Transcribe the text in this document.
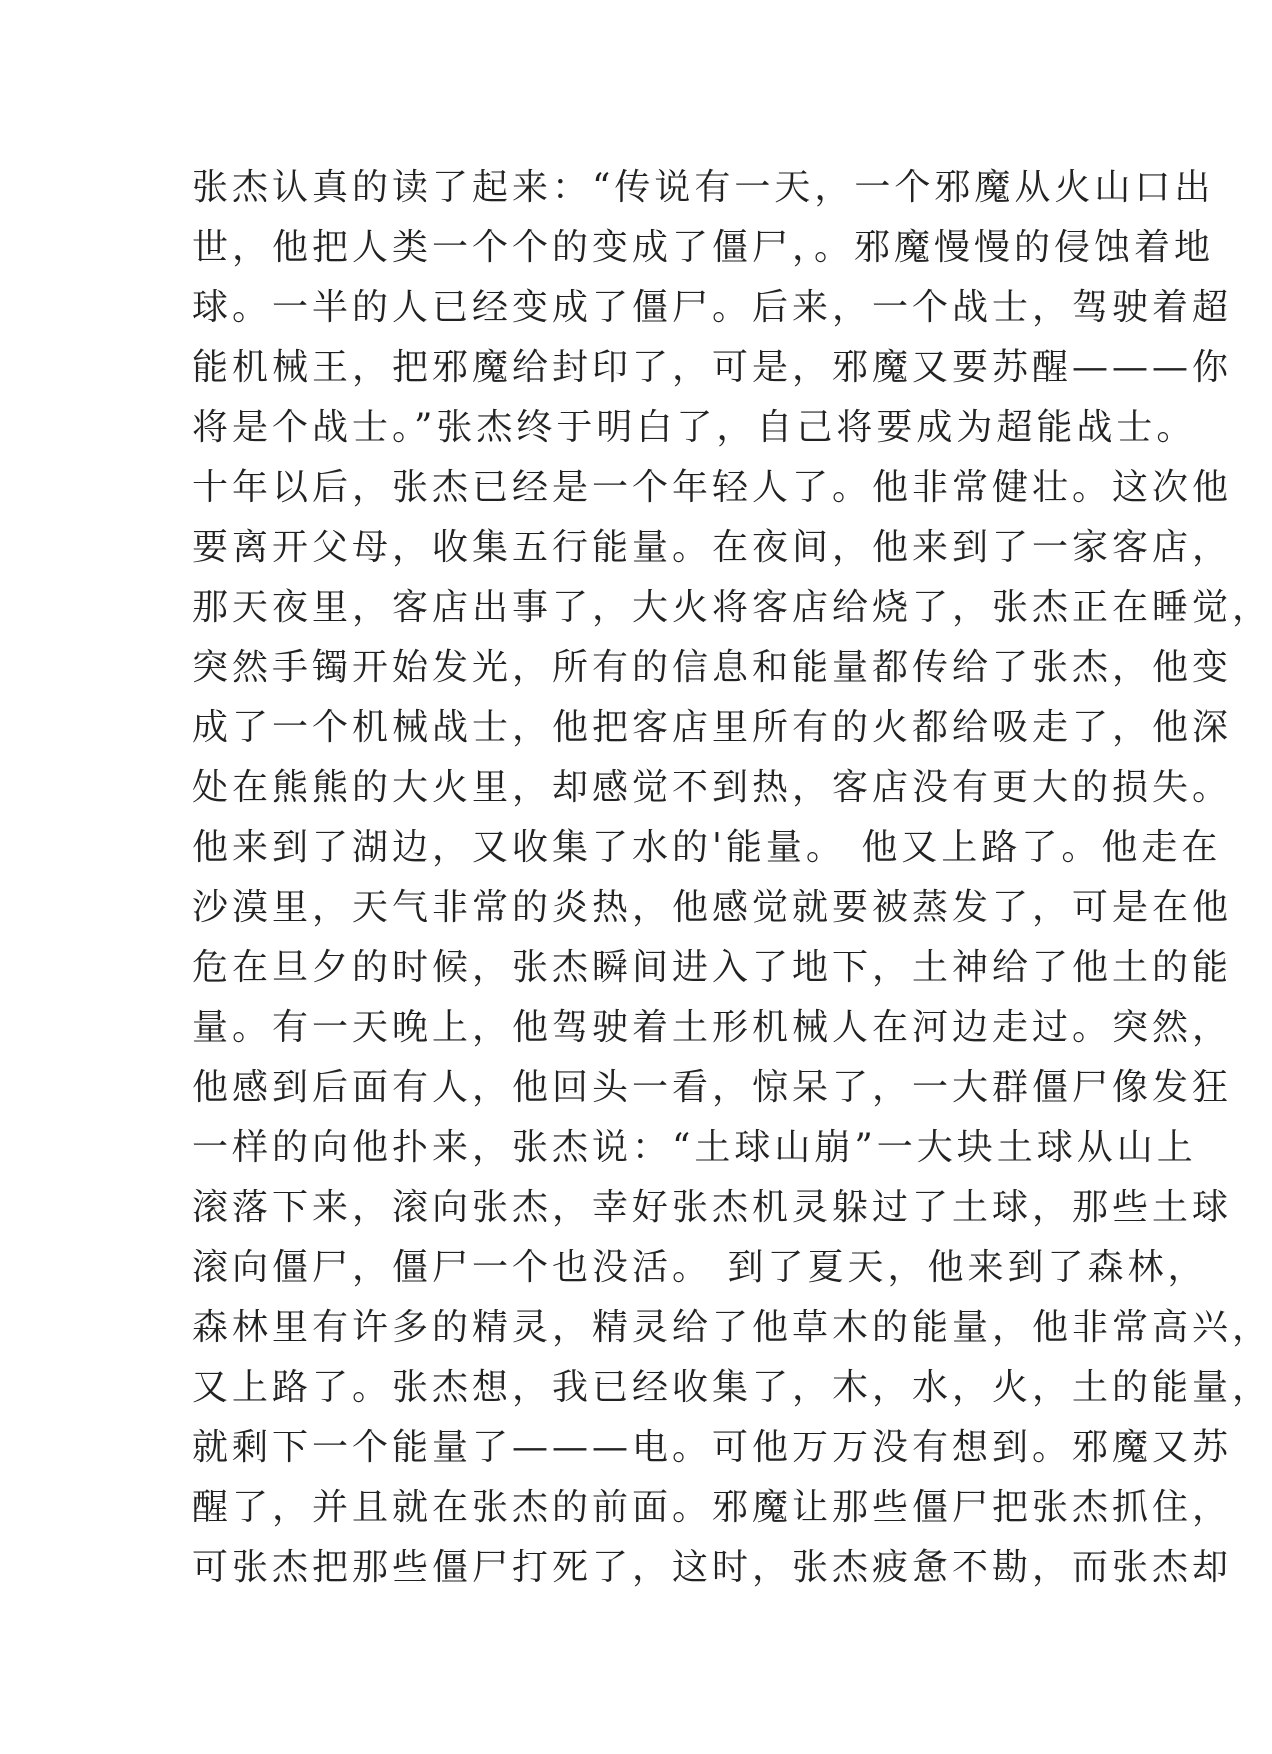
张杰认真的读了起来：“传说有一天，一个邪魔从火山口出
世，他把人类一个个的变成了僵尸，。邪魔慢慢的侵蚀着地
球。一半的人已经变成了僵尸。后来，一个战士，驾驶着超
能机械王，把邪魔给封印了，可是，邪魔又要苏醒———你
将是个战士。”张杰终于明白了，自己将要成为超能战士。
十年以后，张杰已经是一个年轻人了。他非常健壮。这次他
要离开父母，收集五行能量。在夜间，他来到了一家客店，
那天夜里，客店出事了，大火将客店给烧了，张杰正在睡觉，
突然手镯开始发光，所有的信息和能量都传给了张杰，他变
成了一个机械战士，他把客店里所有的火都给吸走了，他深
处在熊熊的大火里，却感觉不到热，客店没有更大的损失。
他来到了湖边，又收集了水的'能量。 他又上路了。他走在
沙漠里，天气非常的炎热，他感觉就要被蒸发了，可是在他
危在旦夕的时候，张杰瞬间进入了地下，土神给了他土的能
量。有一天晚上，他驾驶着土形机械人在河边走过。突然，
他感到后面有人，他回头一看，惊呆了，一大群僵尸像发狂
一样的向他扑来，张杰说：“土球山崩”一大块土球从山上
滚落下来，滚向张杰，幸好张杰机灵躲过了土球，那些土球
滚向僵尸，僵尸一个也没活。 到了夏天，他来到了森林，
森林里有许多的精灵，精灵给了他草木的能量，他非常高兴，
又上路了。张杰想，我已经收集了，木，水，火，土的能量，
就剩下一个能量了———电。可他万万没有想到。邪魔又苏
醒了，并且就在张杰的前面。邪魔让那些僵尸把张杰抓住，
可张杰把那些僵尸打死了，这时，张杰疲惫不勘，而张杰却
